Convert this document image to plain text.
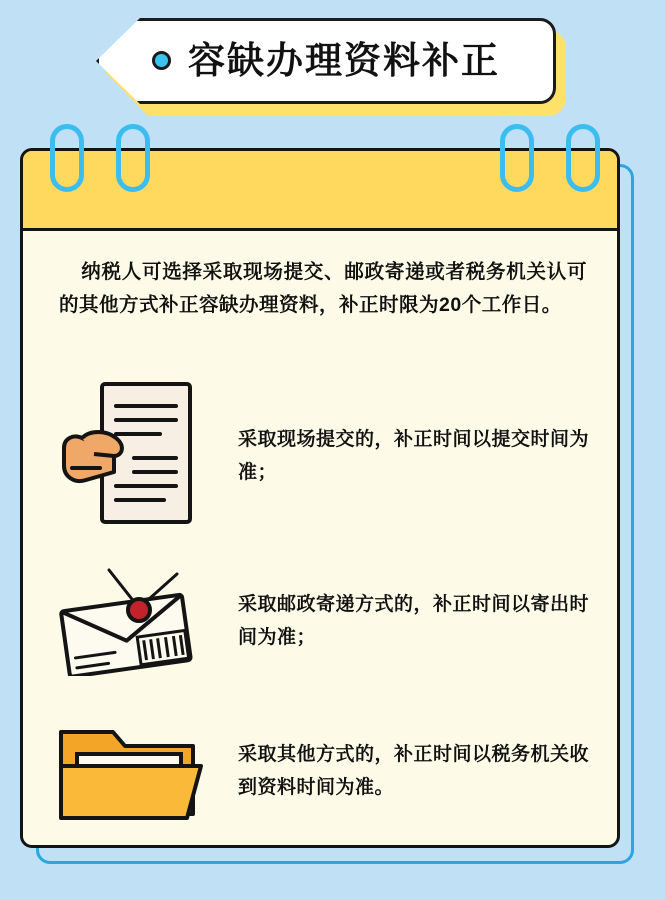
容缺办理资料补正
纳税人可选择采取现场提交、邮政寄递或者税务机关认可的其他方式补正容缺办理资料，补正时限为20个工作日。
采取现场提交的，补正时间以提交时间为准；
采取邮政寄递方式的，补正时间以寄出时间为准；
采取其他方式的，补正时间以税务机关收到资料时间为准。
